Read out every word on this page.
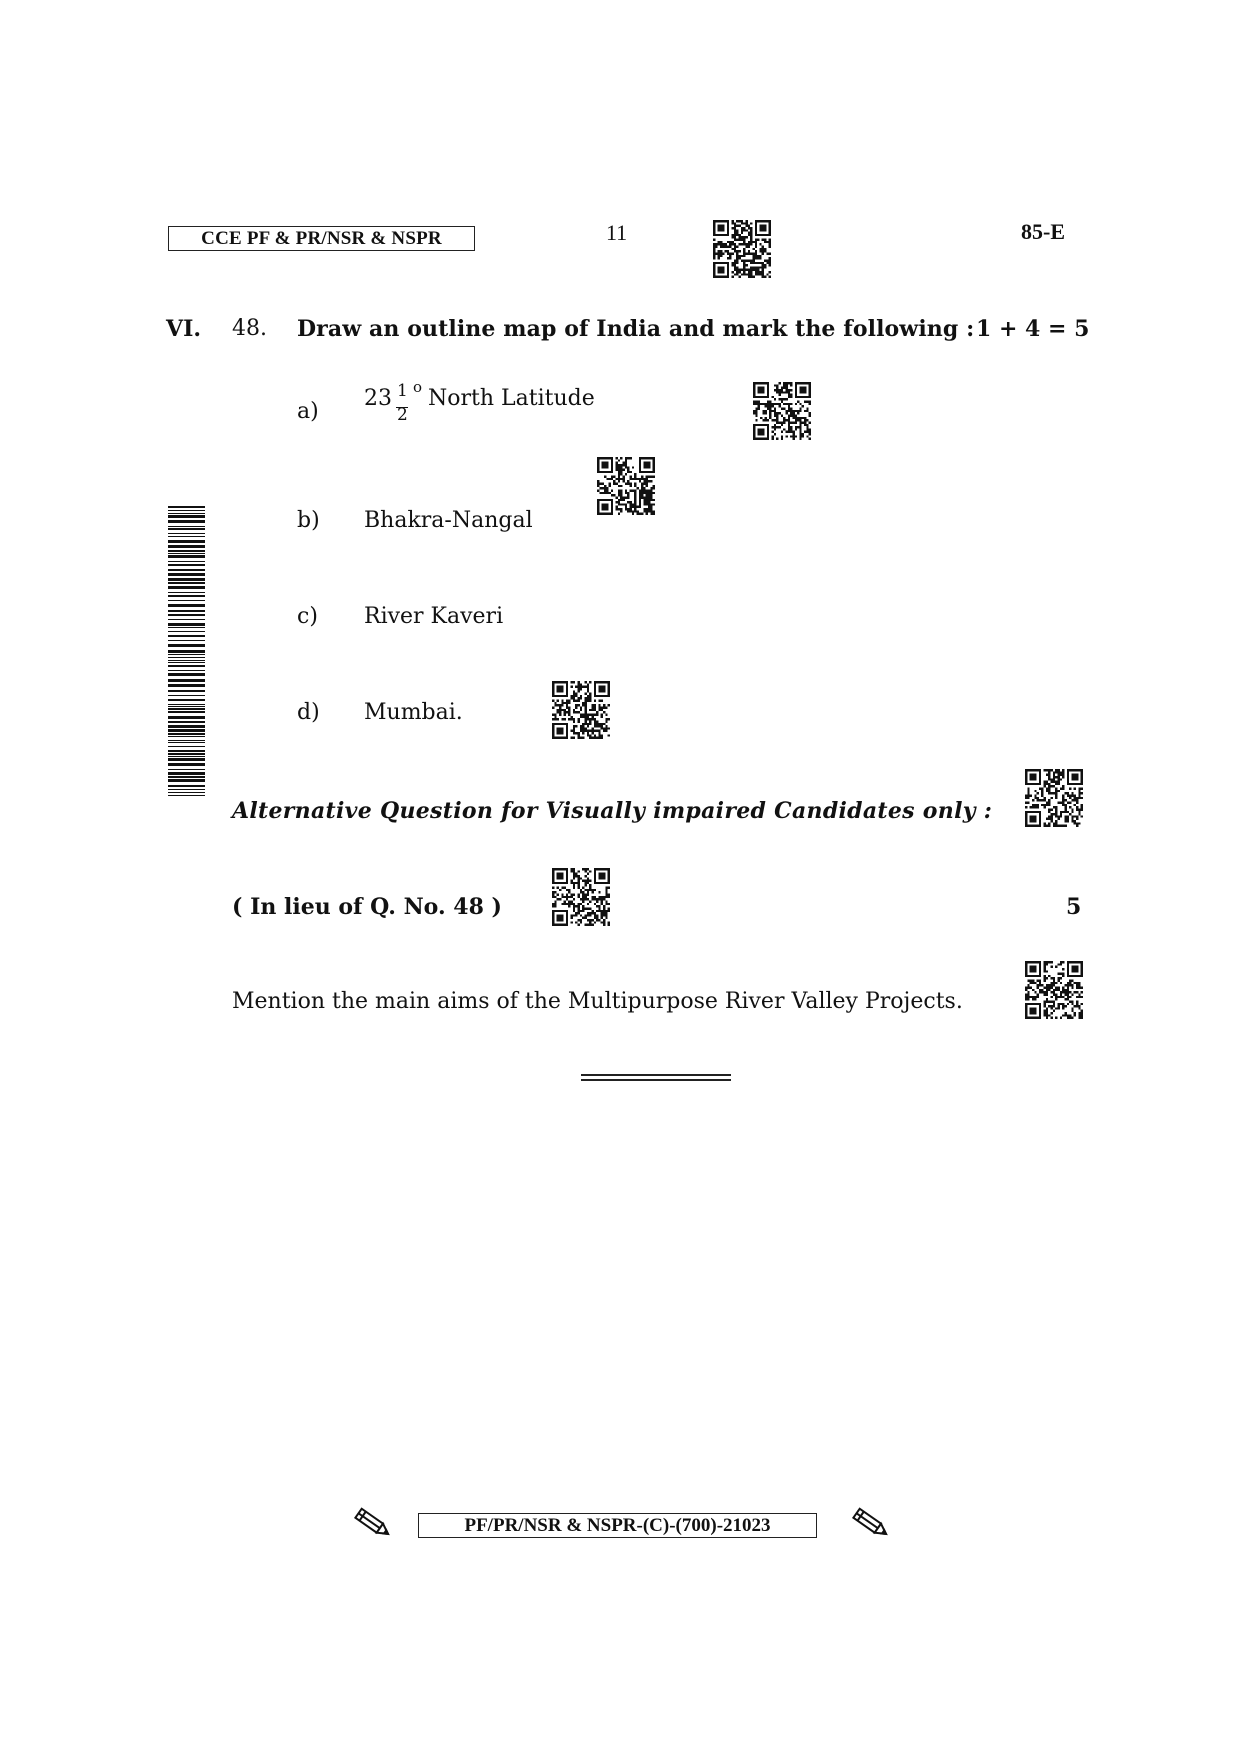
CCE PF & PR/NSR & NSPR	11	85-E
VI. 48. Draw an outline map of India and mark the following : 1 + 4 = 5
a)
23 1
2
o North Latitude
b) Bhakra-Nangal
c) River Kaveri
d) Mumbai.
Alternative Question for Visually impaired Candidates only :
( In lieu of Q. No. 48 )	5
Mention the main aims of the Multipurpose River Valley Projects.
PF/PR/NSR & NSPR-(C)-(700)-21023
